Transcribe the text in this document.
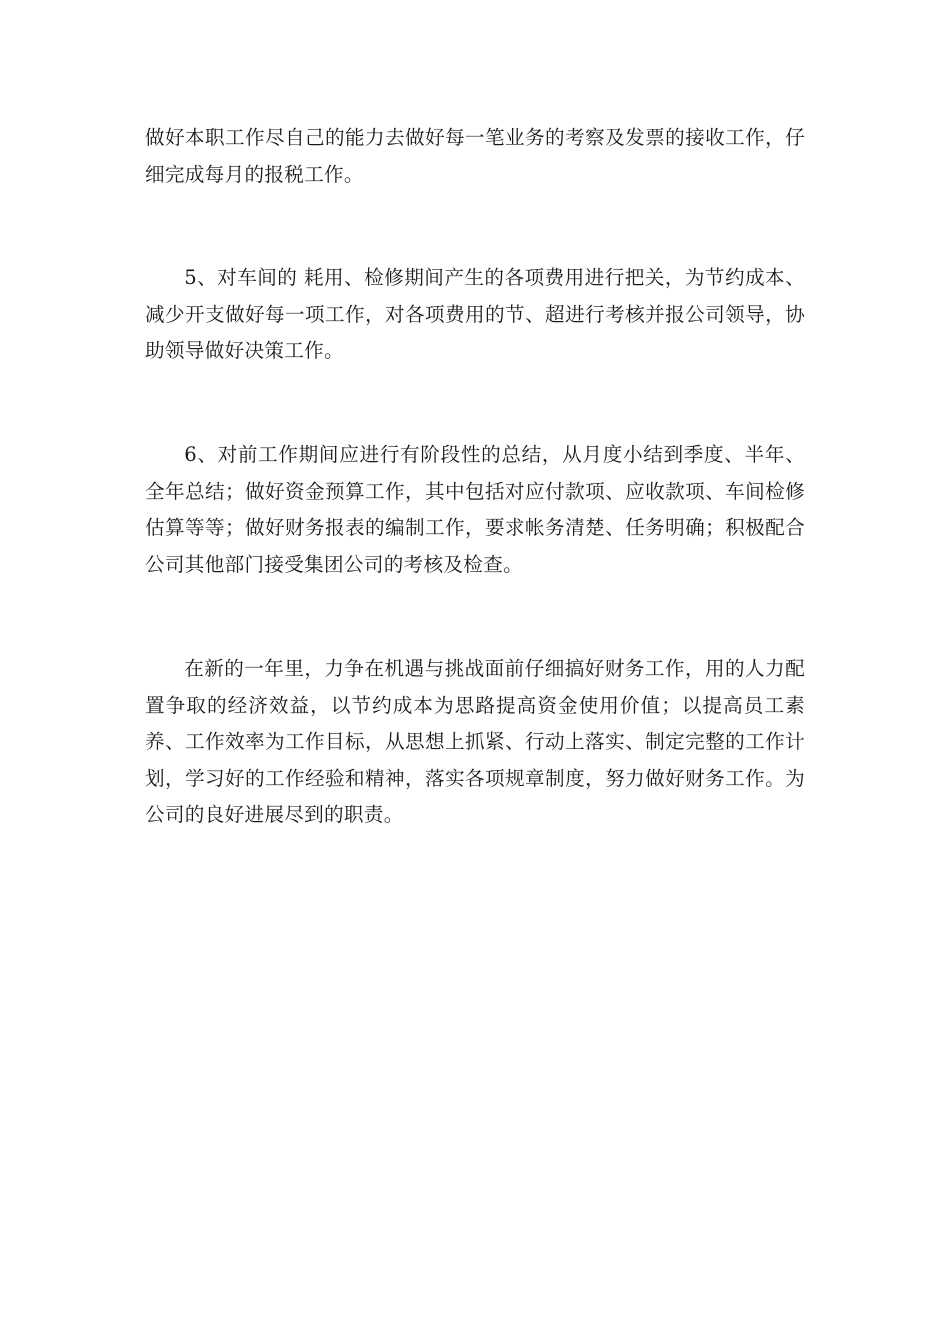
做好本职工作尽自己的能力去做好每一笔业务的考察及发票的接收工作，仔细完成每月的报税工作。

5、对车间的 耗用、检修期间产生的各项费用进行把关，为节约成本、减少开支做好每一项工作，对各项费用的节、超进行考核并报公司领导，协助领导做好决策工作。

6、对前工作期间应进行有阶段性的总结，从月度小结到季度、半年、全年总结；做好资金预算工作，其中包括对应付款项、应收款项、车间检修估算等等；做好财务报表的编制工作，要求帐务清楚、任务明确；积极配合公司其他部门接受集团公司的考核及检查。

在新的一年里，力争在机遇与挑战面前仔细搞好财务工作，用的人力配置争取的经济效益，以节约成本为思路提高资金使用价值；以提高员工素养、工作效率为工作目标，从思想上抓紧、行动上落实、制定完整的工作计划，学习好的工作经验和精神，落实各项规章制度，努力做好财务工作。为公司的良好进展尽到的职责。
